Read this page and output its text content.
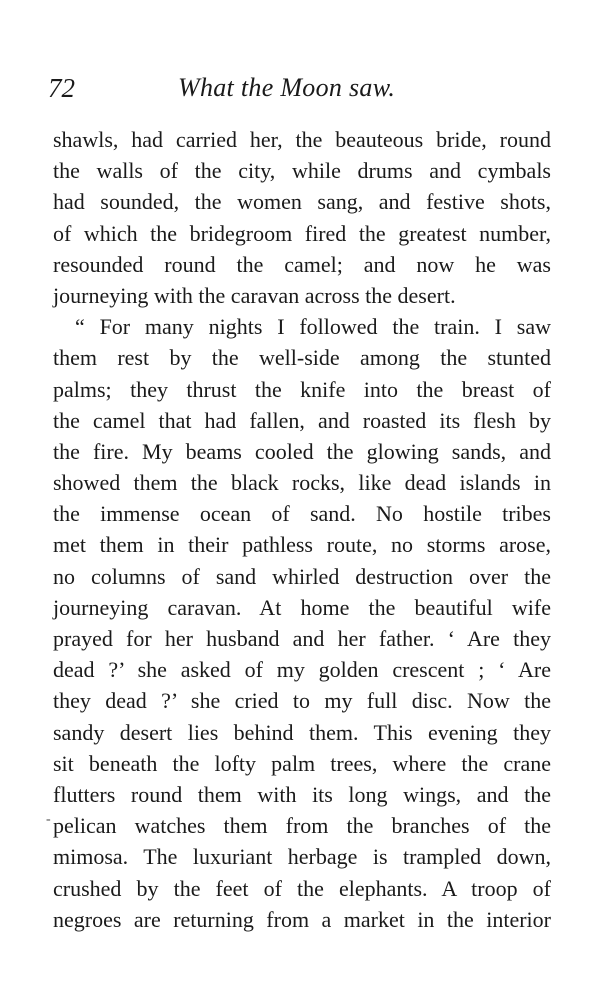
72	What the Moon saw.
-
shawls, had carried her, the beauteous bride, round
the walls of the city, while drums and cymbals
had sounded, the women sang, and festive shots,
of which the bridegroom fired the greatest number,
resounded round the camel; and now he was
journeying with the caravan across the desert.
“ For many nights I followed the train. I saw
them rest by the well-side among the stunted
palms; they thrust the knife into the breast of
the camel that had fallen, and roasted its flesh by
the fire. My beams cooled the glowing sands, and
showed them the black rocks, like dead islands in
the immense ocean of sand. No hostile tribes
met them in their pathless route, no storms arose,
no columns of sand whirled destruction over the
journeying caravan. At home the beautiful wife
prayed for her husband and her father. ‘ Are they
dead ?’ she asked of my golden crescent ; ‘ Are
they dead ?’ she cried to my full disc. Now the
sandy desert lies behind them. This evening they
sit beneath the lofty palm trees, where the crane
flutters round them with its long wings, and the
pelican watches them from the branches of the
mimosa. The luxuriant herbage is trampled down,
crushed by the feet of the elephants. A troop of
negroes are returning from a market in the interior
